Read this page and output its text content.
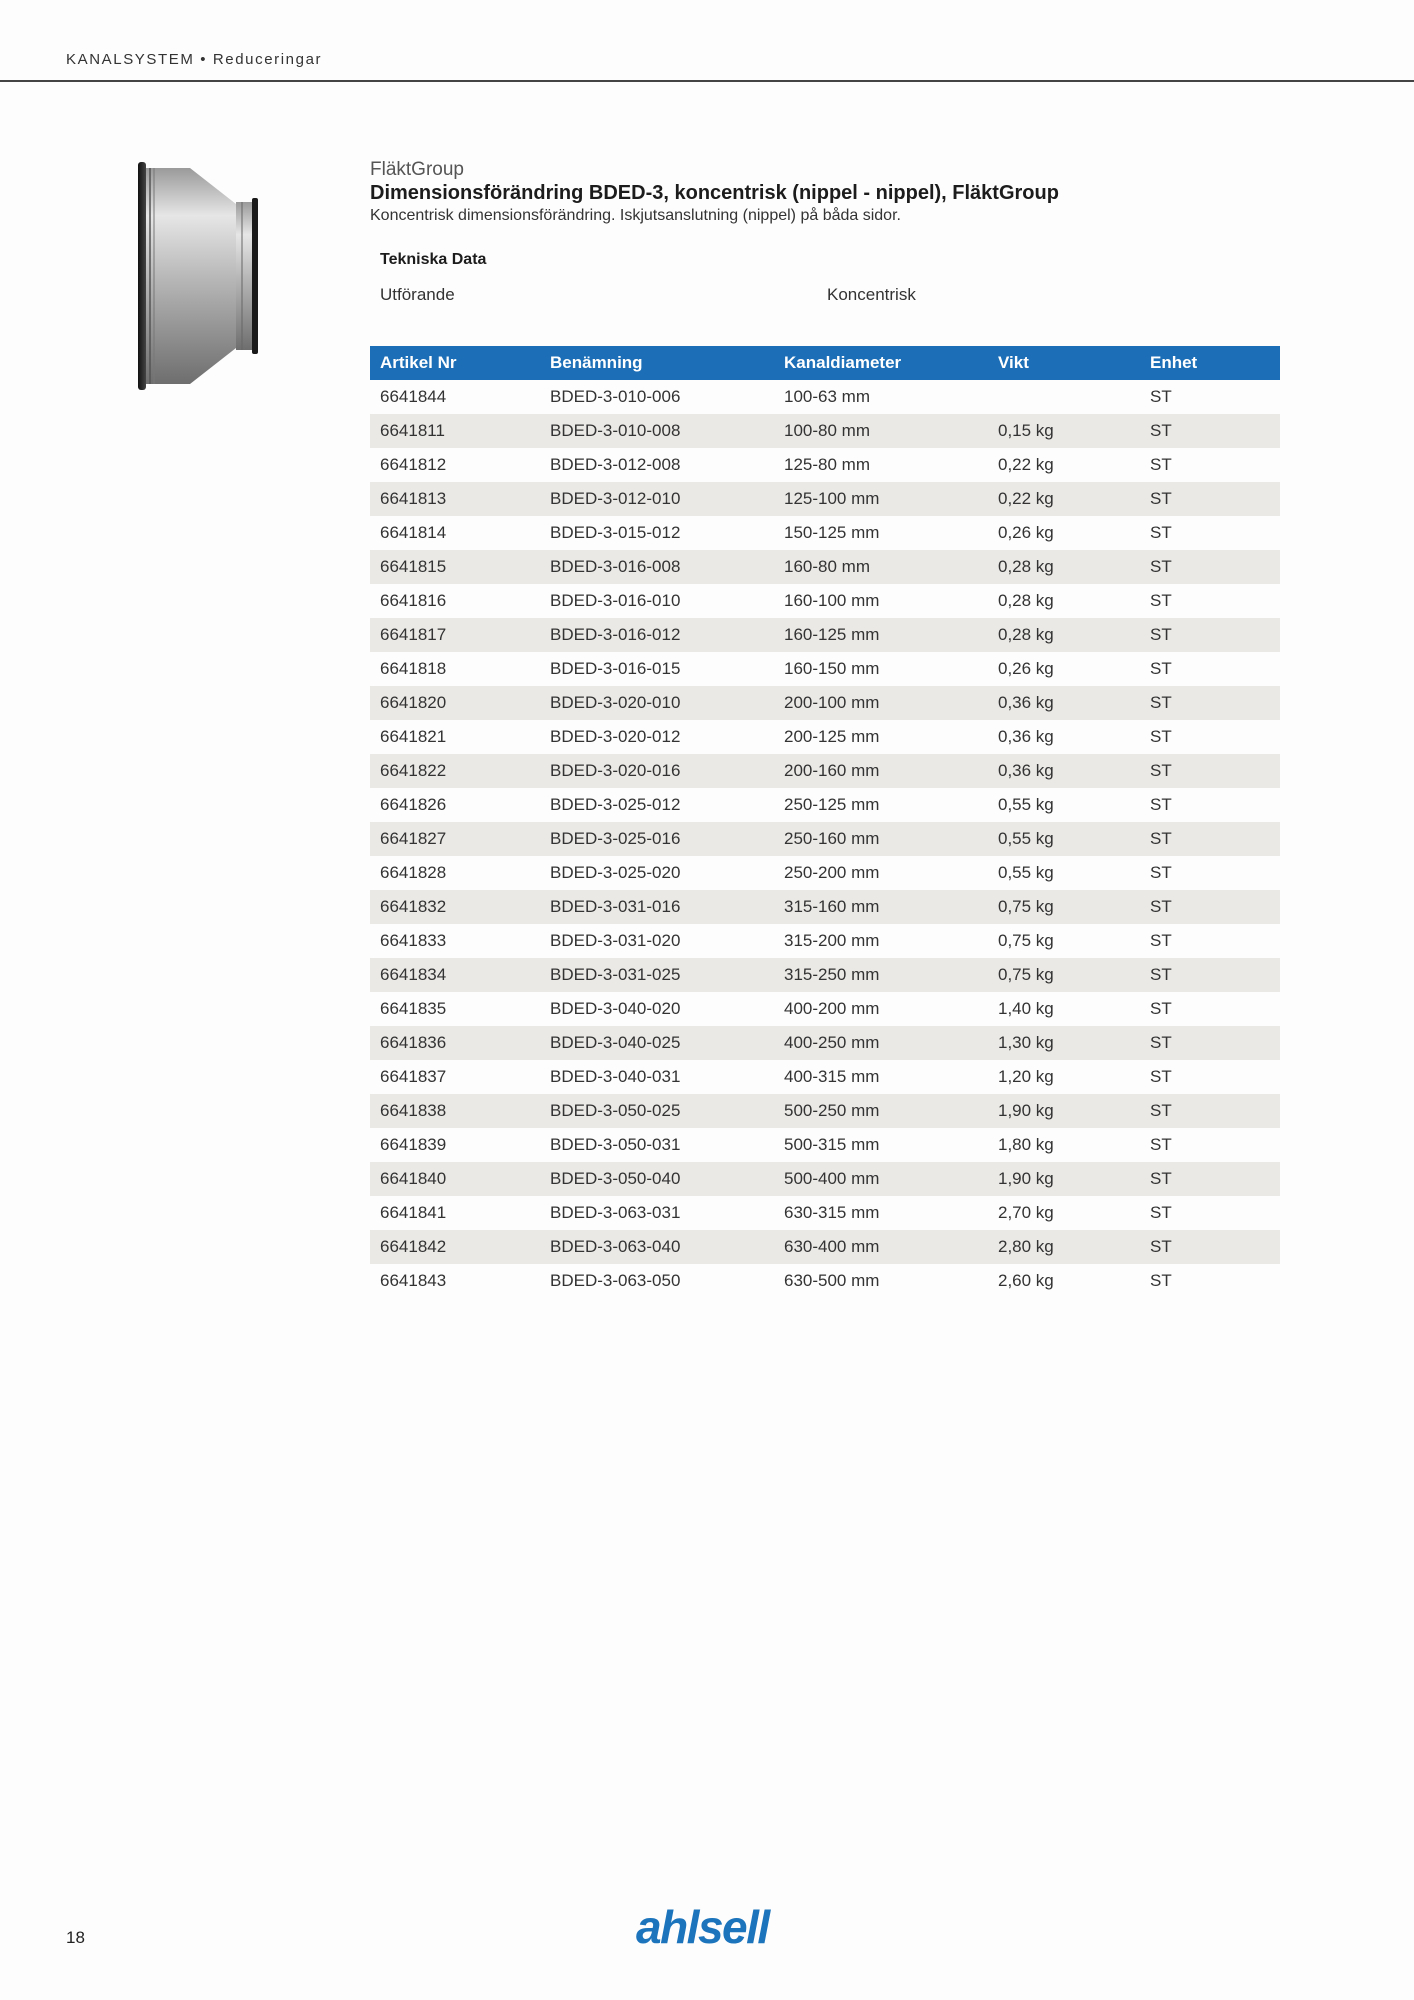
KANALSYSTEM • Reduceringar
FläktGroup
Dimensionsförändring BDED-3, koncentrisk (nippel - nippel), FläktGroup
Koncentrisk dimensionsförändring. Iskjutsanslutning (nippel) på båda sidor.
Tekniska Data
Utförande	Koncentrisk
Artikel Nr	Benämning	Kanaldiameter	Vikt	Enhet
6641844	BDED-3-010-006	100-63 mm		ST
6641811	BDED-3-010-008	100-80 mm	0,15 kg	ST
6641812	BDED-3-012-008	125-80 mm	0,22 kg	ST
6641813	BDED-3-012-010	125-100 mm	0,22 kg	ST
6641814	BDED-3-015-012	150-125 mm	0,26 kg	ST
6641815	BDED-3-016-008	160-80 mm	0,28 kg	ST
6641816	BDED-3-016-010	160-100 mm	0,28 kg	ST
6641817	BDED-3-016-012	160-125 mm	0,28 kg	ST
6641818	BDED-3-016-015	160-150 mm	0,26 kg	ST
6641820	BDED-3-020-010	200-100 mm	0,36 kg	ST
6641821	BDED-3-020-012	200-125 mm	0,36 kg	ST
6641822	BDED-3-020-016	200-160 mm	0,36 kg	ST
6641826	BDED-3-025-012	250-125 mm	0,55 kg	ST
6641827	BDED-3-025-016	250-160 mm	0,55 kg	ST
6641828	BDED-3-025-020	250-200 mm	0,55 kg	ST
6641832	BDED-3-031-016	315-160 mm	0,75 kg	ST
6641833	BDED-3-031-020	315-200 mm	0,75 kg	ST
6641834	BDED-3-031-025	315-250 mm	0,75 kg	ST
6641835	BDED-3-040-020	400-200 mm	1,40 kg	ST
6641836	BDED-3-040-025	400-250 mm	1,30 kg	ST
6641837	BDED-3-040-031	400-315 mm	1,20 kg	ST
6641838	BDED-3-050-025	500-250 mm	1,90 kg	ST
6641839	BDED-3-050-031	500-315 mm	1,80 kg	ST
6641840	BDED-3-050-040	500-400 mm	1,90 kg	ST
6641841	BDED-3-063-031	630-315 mm	2,70 kg	ST
6641842	BDED-3-063-040	630-400 mm	2,80 kg	ST
6641843	BDED-3-063-050	630-500 mm	2,60 kg	ST
18	ahlsell
